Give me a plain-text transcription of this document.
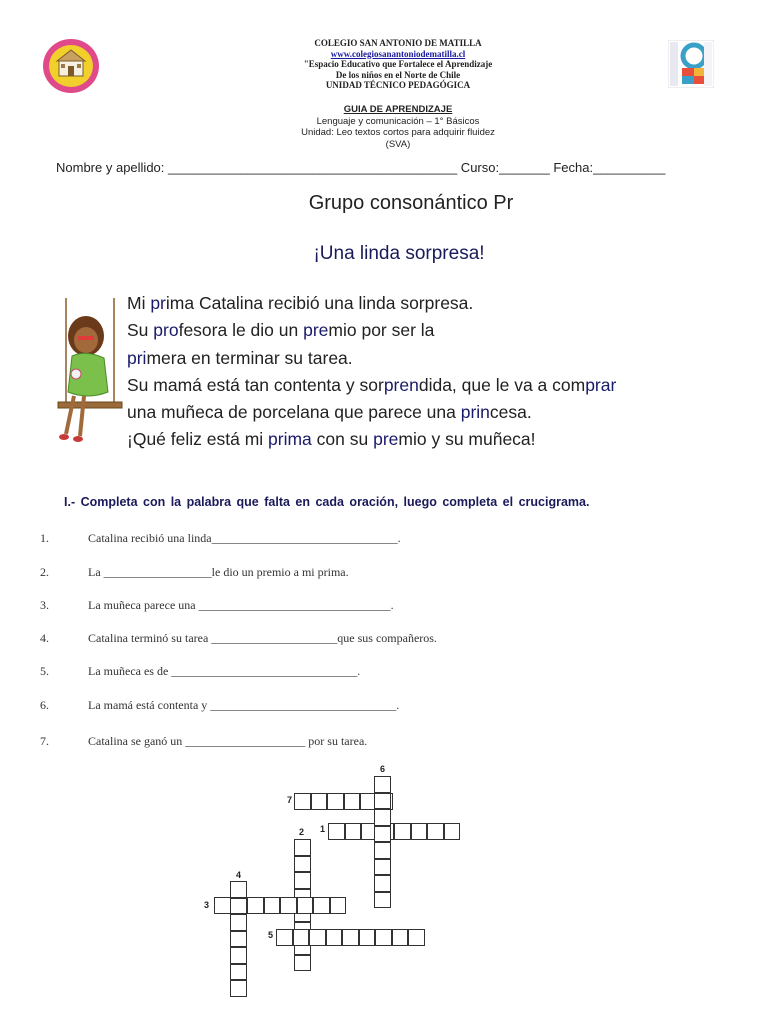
COLEGIO SAN ANTONIO DE MATILLA
www.colegiosanantoniodematilla.cl
"Espacio Educativo que Fortalece el Aprendizaje
De los niños en el Norte de Chile
UNIDAD TÉCNICO PEDAGÓGICA
GUIA DE APRENDIZAJE
Lenguaje y comunicación – 1° Básicos
Unidad: Leo textos cortos para adquirir fluidez
(SVA)
Nombre y apellido: ________________________________________ Curso:_______ Fecha:__________
Grupo consonántico Pr
¡Una linda sorpresa!
Mi prima Catalina recibió una linda sorpresa.
Su profesora le dio un premio por ser la
primera en terminar su tarea.
Su mamá está tan contenta y sorprendida, que le va a comprar
una muñeca de porcelana que parece una princesa.
¡Qué feliz está mi prima con su premio y su muñeca!
I.- Completa con la palabra que falta en cada oración, luego completa el crucigrama.
1.	Catalina recibió una linda_______________________________.
2.	La __________________le dio un premio a mi prima.
3.	La muñeca parece una ________________________________.
4.	Catalina terminó su tarea _____________________que sus compañeros.
5.	La muñeca es de _______________________________.
6.	La mamá está contenta y _______________________________.
7.	Catalina se ganó un ____________________ por su tarea.
6
7
2 1
4
3
5
